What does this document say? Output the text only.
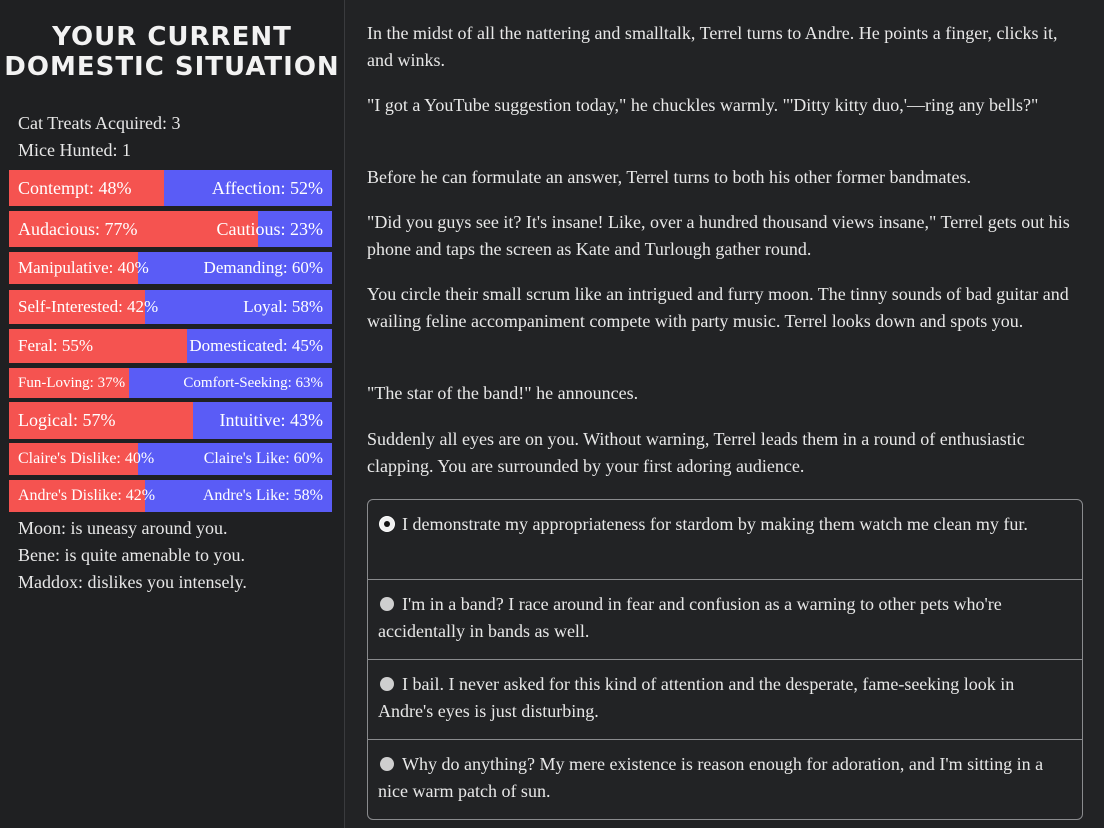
YOUR CURRENT DOMESTIC SITUATION
Cat Treats Acquired: 3
Mice Hunted: 1
Contempt: 48%	Affection: 52%
Audacious: 77%	Cautious: 23%
Manipulative: 40%	Demanding: 60%
Self-Interested: 42%	Loyal: 58%
Feral: 55%	Domesticated: 45%
Fun-Loving: 37%	Comfort-Seeking: 63%
Logical: 57%	Intuitive: 43%
Claire's Dislike: 40%	Claire's Like: 60%
Andre's Dislike: 42%	Andre's Like: 58%
Moon: is uneasy around you.
Bene: is quite amenable to you.
Maddox: dislikes you intensely.
In the midst of all the nattering and smalltalk, Terrel turns to Andre. He points a finger, clicks it, and winks.
"I got a YouTube suggestion today," he chuckles warmly. "'Ditty kitty duo,'—ring any bells?"
Before he can formulate an answer, Terrel turns to both his other former bandmates.
"Did you guys see it? It's insane! Like, over a hundred thousand views insane," Terrel gets out his phone and taps the screen as Kate and Turlough gather round.
You circle their small scrum like an intrigued and furry moon. The tinny sounds of bad guitar and wailing feline accompaniment compete with party music. Terrel looks down and spots you.
"The star of the band!" he announces.
Suddenly all eyes are on you. Without warning, Terrel leads them in a round of enthusiastic clapping. You are surrounded by your first adoring audience.
I demonstrate my appropriateness for stardom by making them watch me clean my fur.
I'm in a band? I race around in fear and confusion as a warning to other pets who're accidentally in bands as well.
I bail. I never asked for this kind of attention and the desperate, fame-seeking look in Andre's eyes is just disturbing.
Why do anything? My mere existence is reason enough for adoration, and I'm sitting in a nice warm patch of sun.
